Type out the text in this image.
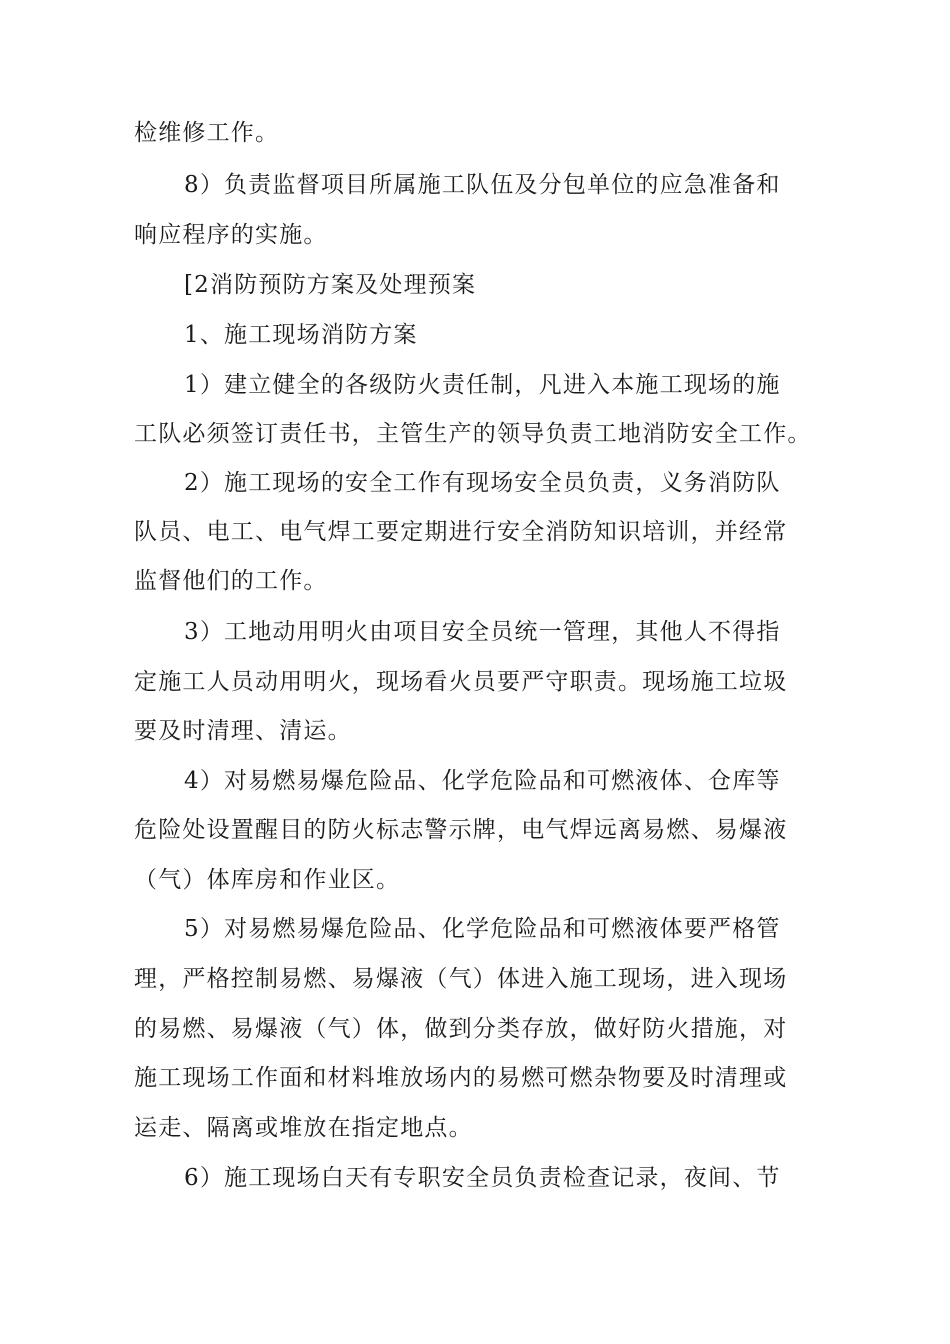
检维修工作。
8）负责监督项目所属施工队伍及分包单位的应急准备和
响应程序的实施。
[2消防预防方案及处理预案
1、施工现场消防方案
1）建立健全的各级防火责任制，凡进入本施工现场的施
工队必须签订责任书，主管生产的领导负责工地消防安全工作。
2）施工现场的安全工作有现场安全员负责，义务消防队
队员、电工、电气焊工要定期进行安全消防知识培训，并经常
监督他们的工作。
3）工地动用明火由项目安全员统一管理，其他人不得指
定施工人员动用明火，现场看火员要严守职责。现场施工垃圾
要及时清理、清运。
4）对易燃易爆危险品、化学危险品和可燃液体、仓库等
危险处设置醒目的防火标志警示牌，电气焊远离易燃、易爆液
（气）体库房和作业区。
5）对易燃易爆危险品、化学危险品和可燃液体要严格管
理，严格控制易燃、易爆液（气）体进入施工现场，进入现场
的易燃、易爆液（气）体，做到分类存放，做好防火措施，对
施工现场工作面和材料堆放场内的易燃可燃杂物要及时清理或
运走、隔离或堆放在指定地点。
6）施工现场白天有专职安全员负责检查记录，夜间、节
